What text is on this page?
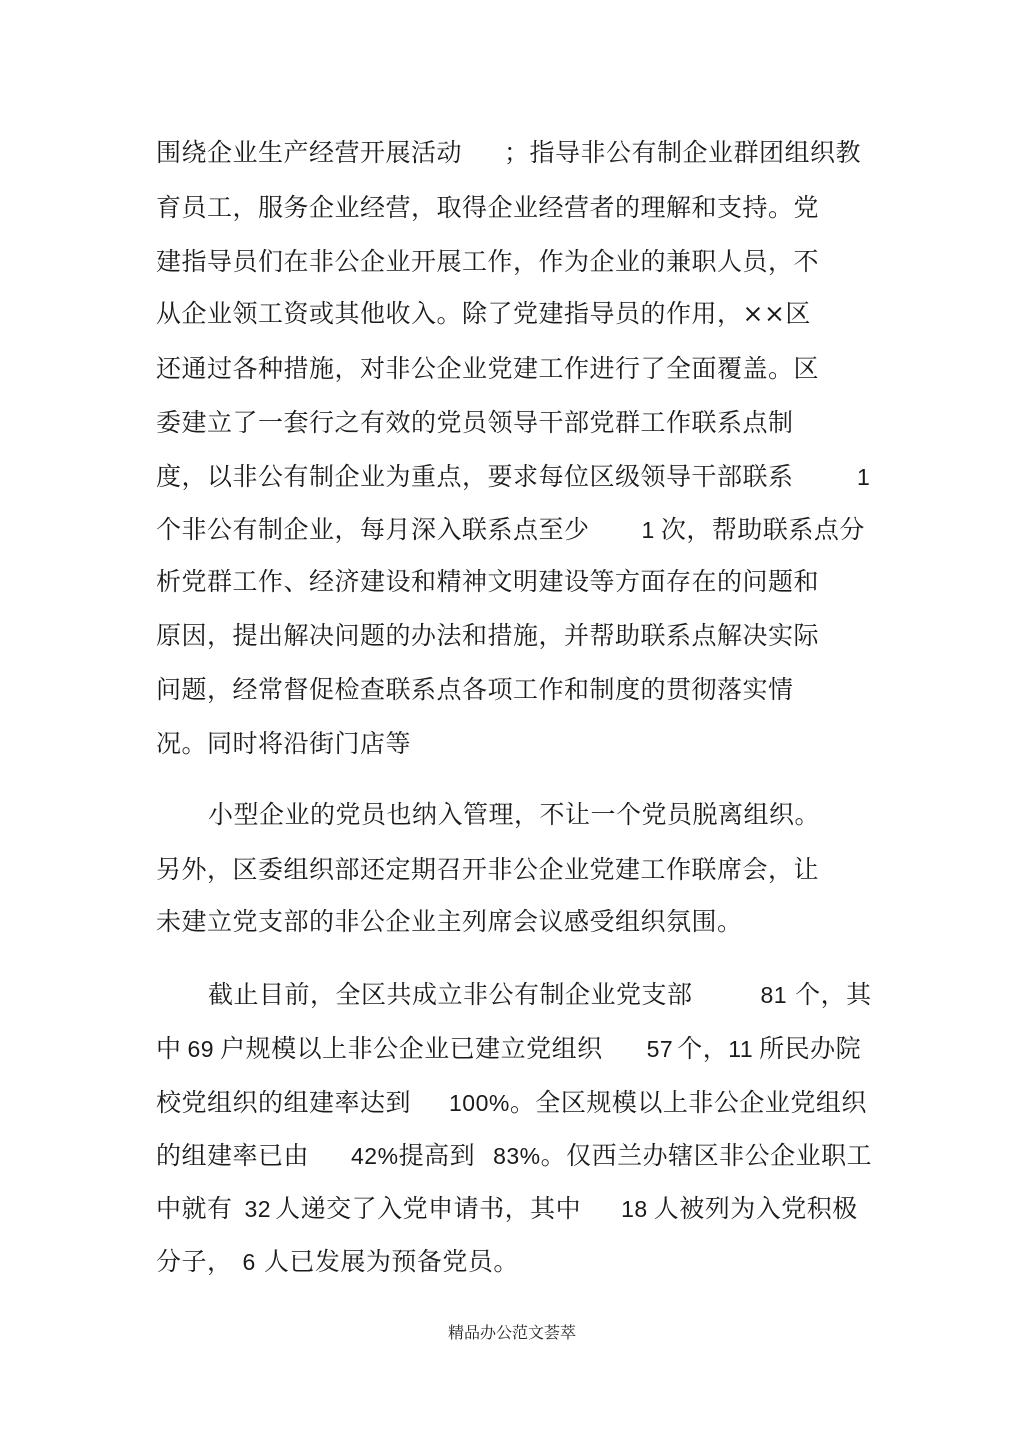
围绕企业生产经营开展活动 ；指导非公有制企业群团组织教
育员工，服务企业经营，取得企业经营者的理解和支持。党
建指导员们在非公企业开展工作，作为企业的兼职人员，不
从企业领工资或其他收入。除了党建指导员的作用，××区
还通过各种措施，对非公企业党建工作进行了全面覆盖。区
委建立了一套行之有效的党员领导干部党群工作联系点制
度，以非公有制企业为重点，要求每位区级领导干部联系	1
个非公有制企业，每月深入联系点至少 1 次，帮助联系点分
析党群工作、经济建设和精神文明建设等方面存在的问题和
原因，提出解决问题的办法和措施，并帮助联系点解决实际
问题，经常督促检查联系点各项工作和制度的贯彻落实情
况。同时将沿街门店等
小型企业的党员也纳入管理，不让一个党员脱离组织。
另外，区委组织部还定期召开非公企业党建工作联席会，让
未建立党支部的非公企业主列席会议感受组织氛围。
截止目前，全区共成立非公有制企业党支部	81 个，其
中 69 户规模以上非公企业已建立党组织 57 个，11 所民办院
校党组织的组建率达到 100%。全区规模以上非公企业党组织
的组建率已由 42%提高到 83%。仅西兰办辖区非公企业职工
中就有 32 人递交了入党申请书，其中 18 人被列为入党积极
分子， 6 人已发展为预备党员。
精品办公范文荟萃
